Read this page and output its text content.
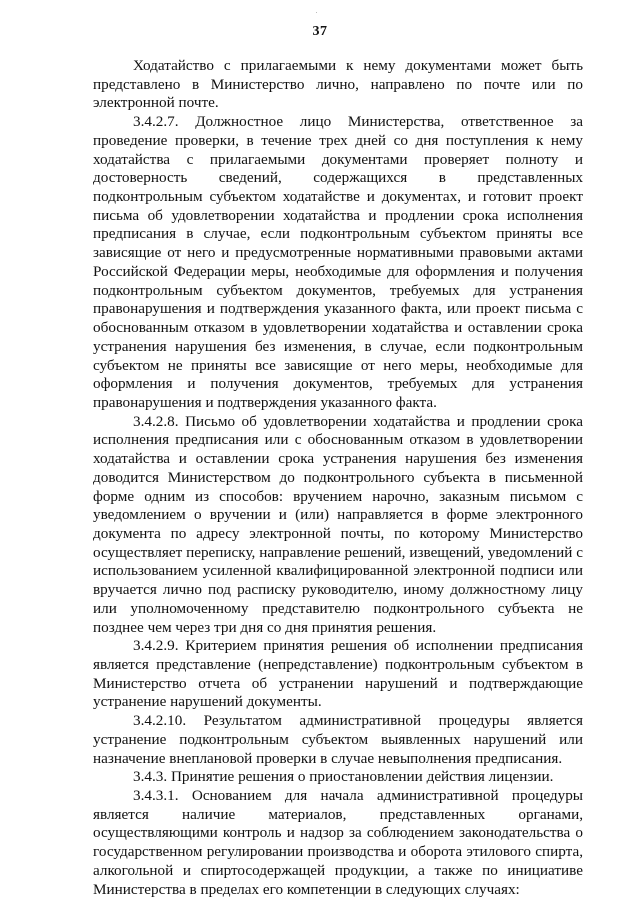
37
Ходатайство с прилагаемыми к нему документами может быть
представлено в Министерство лично, направлено по почте или по
электронной почте.
3.4.2.7. Должностное лицо Министерства, ответственное за
проведение проверки, в течение трех дней со дня поступления к нему
ходатайства с прилагаемыми документами проверяет полноту и
достоверность сведений, содержащихся в представленных
подконтрольным субъектом ходатайстве и документах, и готовит проект
письма об удовлетворении ходатайства и продлении срока исполнения
предписания в случае, если подконтрольным субъектом приняты все
зависящие от него и предусмотренные нормативными правовыми актами
Российской Федерации меры, необходимые для оформления и получения
подконтрольным субъектом документов, требуемых для устранения
правонарушения и подтверждения указанного факта, или проект письма с
обоснованным отказом в удовлетворении ходатайства и оставлении срока
устранения нарушения без изменения, в случае, если подконтрольным
субъектом не приняты все зависящие от него меры, необходимые для
оформления и получения документов, требуемых для устранения
правонарушения и подтверждения указанного факта.
3.4.2.8. Письмо об удовлетворении ходатайства и продлении срока
исполнения предписания или с обоснованным отказом в удовлетворении
ходатайства и оставлении срока устранения нарушения без изменения
доводится Министерством до подконтрольного субъекта в письменной
форме одним из способов: вручением нарочно, заказным письмом с
уведомлением о вручении и (или) направляется в форме электронного
документа по адресу электронной почты, по которому Министерство
осуществляет переписку, направление решений, извещений, уведомлений с
использованием усиленной квалифицированной электронной подписи или
вручается лично под расписку руководителю, иному должностному лицу
или уполномоченному представителю подконтрольного субъекта не
позднее чем через три дня со дня принятия решения.
3.4.2.9. Критерием принятия решения об исполнении предписания
является представление (непредставление) подконтрольным субъектом в
Министерство отчета об устранении нарушений и подтверждающие
устранение нарушений документы.
3.4.2.10. Результатом административной процедуры является
устранение подконтрольным субъектом выявленных нарушений или
назначение внеплановой проверки в случае невыполнения предписания.
3.4.3. Принятие решения о приостановлении действия лицензии.
3.4.3.1. Основанием для начала административной процедуры
является наличие материалов, представленных органами,
осуществляющими контроль и надзор за соблюдением законодательства о
государственном регулировании производства и оборота этилового спирта,
алкогольной и спиртосодержащей продукции, а также по инициативе
Министерства в пределах его компетенции в следующих случаях:
